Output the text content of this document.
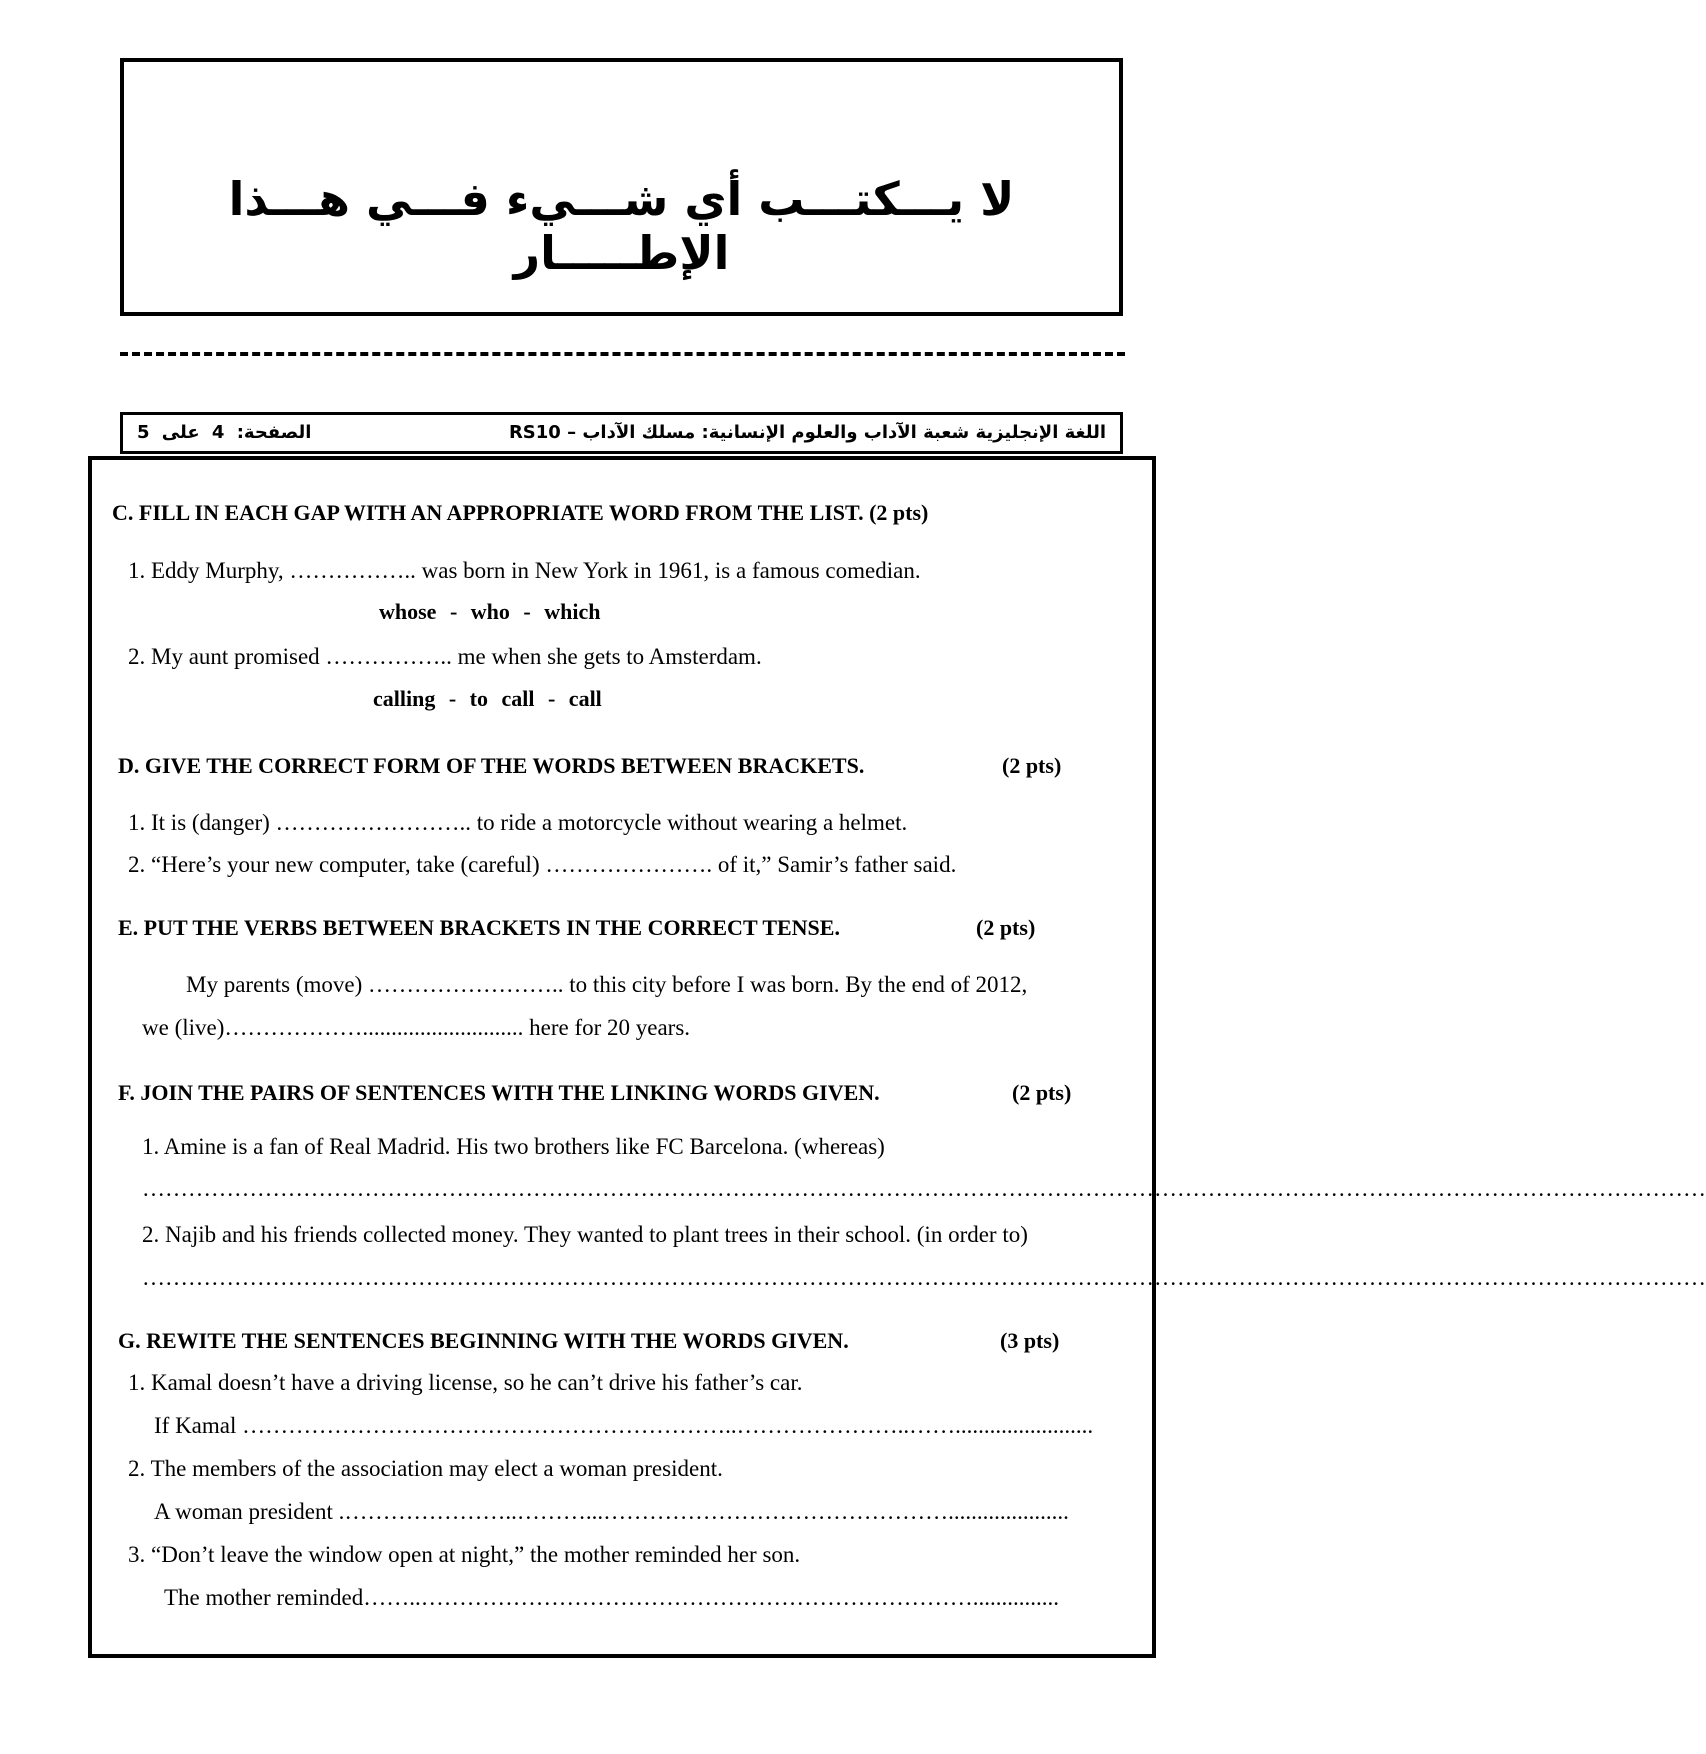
لا يـــكتـــب أي شـــيء فـــي هـــذا الإطـــــار
اللغة الإنجليزية شعبة الآداب والعلوم الإنسانية: مسلك الآداب – RS10
الصفحة: 4 على 5
C. FILL IN EACH GAP WITH AN APPROPRIATE WORD FROM THE LIST. (2 pts)
1. Eddy Murphy, …………….. was born in New York in 1961, is a famous comedian.
whose - who - which
2. My aunt promised …………….. me when she gets to Amsterdam.
calling - to call - call
D. GIVE THE CORRECT FORM OF THE WORDS BETWEEN BRACKETS.	(2 pts)
1. It is (danger) …………………….. to ride a motorcycle without wearing a helmet.
2. “Here’s your new computer, take (careful) …………………. of it,” Samir’s father said.
E. PUT THE VERBS BETWEEN BRACKETS IN THE CORRECT TENSE.	(2 pts)
My parents (move) …………………….. to this city before I was born. By the end of 2012,
we (live)………………............................ here for 20 years.
F. JOIN THE PAIRS OF SENTENCES WITH THE LINKING WORDS GIVEN.	(2 pts)
1. Amine is a fan of Real Madrid. His two brothers like FC Barcelona. (whereas)
……………………………………………………………………………………………………………………………………………………………………………………
2. Najib and his friends collected money. They wanted to plant trees in their school. (in order to)
……………………………………………………………………………………………………………………………………………………………………………………
G. REWITE THE SENTENCES BEGINNING WITH THE WORDS GIVEN.	(3 pts)
1. Kamal doesn’t have a driving license, so he can’t drive his father’s car.
If Kamal ………………………………………………………..…………………..……........................
2. The members of the association may elect a woman president.
A woman president .…………………..………...……………………………………….....................
3. “Don’t leave the window open at night,” the mother reminded her son.
The mother reminded……..………………………………………………………………...............
